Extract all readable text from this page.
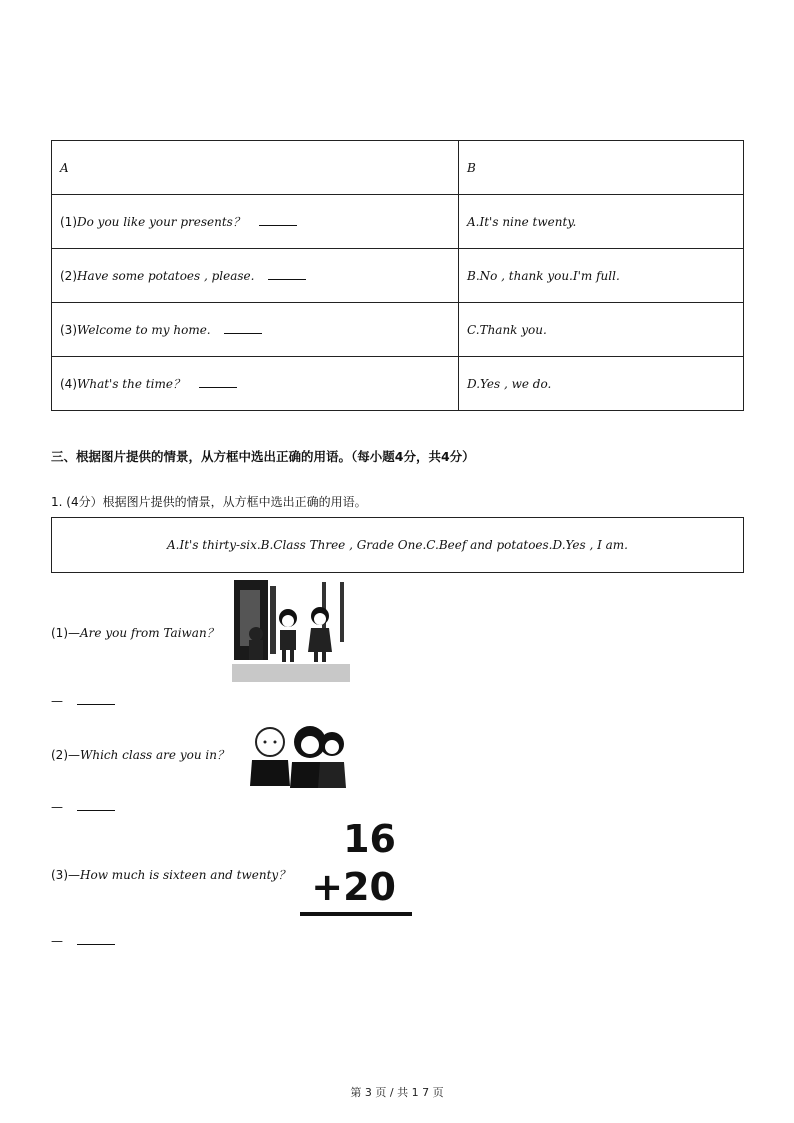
A	B
(1)Do you like your presents？	A.It's nine twenty.
(2)Have some potatoes , please.	B.No , thank you.I'm full.
(3)Welcome to my home.	C.Thank you.
(4)What's the time？	D.Yes , we do.
三、根据图片提供的情景，从方框中选出正确的用语。（每小题4分，共4分）
1. (4分）根据图片提供的情景，从方框中选出正确的用语。
A.It's thirty-six.B.Class Three , Grade One.C.Beef and potatoes.D.Yes , I am.
(1)—Are you from Taiwan？
—
(2)—Which class are you in？
—
(3)—How much is sixteen and twenty？
16
+20
—
第 3 页 / 共 1 7 页
